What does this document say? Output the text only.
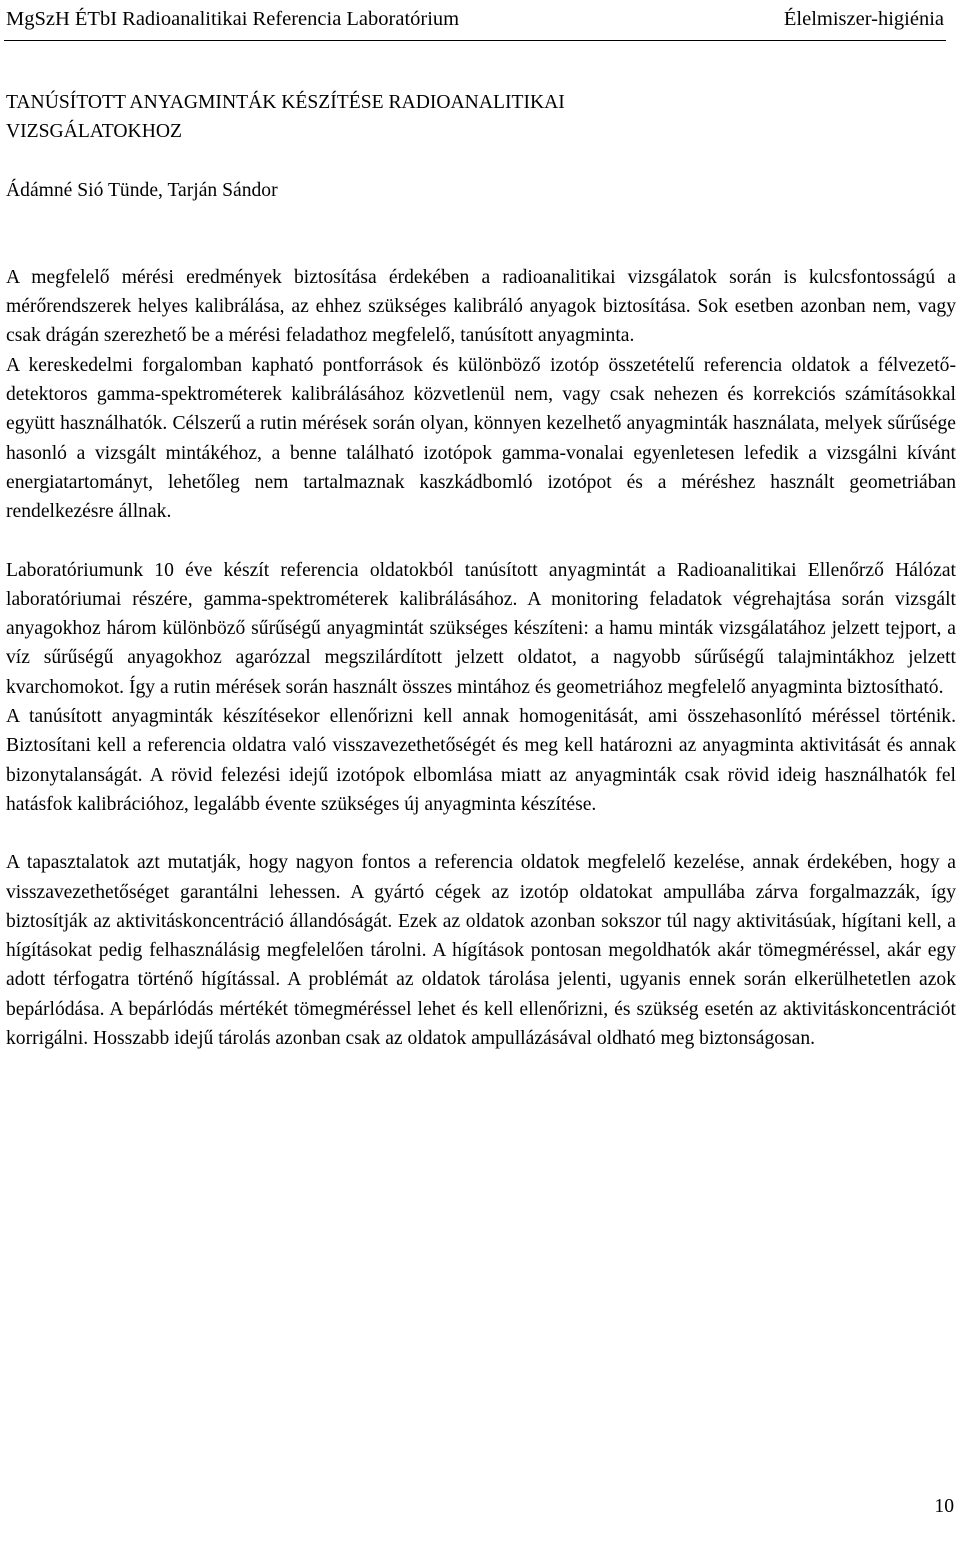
MgSzH ÉTbI Radioanalitikai Referencia Laboratórium	Élelmiszer-higiénia
TANÚSÍTOTT ANYAGMINTÁK KÉSZÍTÉSE RADIOANALITIKAI
VIZSGÁLATOKHOZ
Ádámné Sió Tünde, Tarján Sándor

A megfelelő mérési eredmények biztosítása érdekében a radioanalitikai vizsgálatok során is kulcsfontosságú a mérőrendszerek helyes kalibrálása, az ehhez szükséges kalibráló anyagok biztosítása. Sok esetben azonban nem, vagy csak drágán szerezhető be a mérési feladathoz megfelelő, tanúsított anyagminta.

A kereskedelmi forgalomban kapható pontforrások és különböző izotóp összetételű referencia oldatok a félvezető-detektoros gamma-spektrométerek kalibrálásához közvetlenül nem, vagy csak nehezen és korrekciós számításokkal együtt használhatók. Célszerű a rutin mérések során olyan, könnyen kezelhető anyagminták használata, melyek sűrűsége hasonló a vizsgált mintákéhoz, a benne található izotópok gamma-vonalai egyenletesen lefedik a vizsgálni kívánt energiatartományt, lehetőleg nem tartalmaznak kaszkádbomló izotópot és a méréshez használt geometriában rendelkezésre állnak.

Laboratóriumunk 10 éve készít referencia oldatokból tanúsított anyagmintát a Radioanalitikai Ellenőrző Hálózat laboratóriumai részére, gamma-spektrométerek kalibrálásához. A monitoring feladatok végrehajtása során vizsgált anyagokhoz három különböző sűrűségű anyagmintát szükséges készíteni: a hamu minták vizsgálatához jelzett tejport, a víz sűrűségű anyagokhoz agarózzal megszilárdított jelzett oldatot, a nagyobb sűrűségű talajmintákhoz jelzett kvarchomokot. Így a rutin mérések során használt összes mintához és geometriához megfelelő anyagminta biztosítható.

A tanúsított anyagminták készítésekor ellenőrizni kell annak homogenitását, ami összehasonlító méréssel történik. Biztosítani kell a referencia oldatra való visszavezethetőségét és meg kell határozni az anyagminta aktivitását és annak bizonytalanságát. A rövid felezési idejű izotópok elbomlása miatt az anyagminták csak rövid ideig használhatók fel hatásfok kalibrációhoz, legalább évente szükséges új anyagminta készítése.

A tapasztalatok azt mutatják, hogy nagyon fontos a referencia oldatok megfelelő kezelése, annak érdekében, hogy a visszavezethetőséget garantálni lehessen. A gyártó cégek az izotóp oldatokat ampullába zárva forgalmazzák, így biztosítják az aktivitáskoncentráció állandóságát. Ezek az oldatok azonban sokszor túl nagy aktivitásúak, hígítani kell, a hígításokat pedig felhasználásig megfelelően tárolni. A hígítások pontosan megoldhatók akár tömegméréssel, akár egy adott térfogatra történő hígítással. A problémát az oldatok tárolása jelenti, ugyanis ennek során elkerülhetetlen azok bepárlódása. A bepárlódás mértékét tömegméréssel lehet és kell ellenőrizni, és szükség esetén az aktivitáskoncentrációt korrigálni. Hosszabb idejű tárolás azonban csak az oldatok ampullázásával oldható meg biztonságosan.

10
